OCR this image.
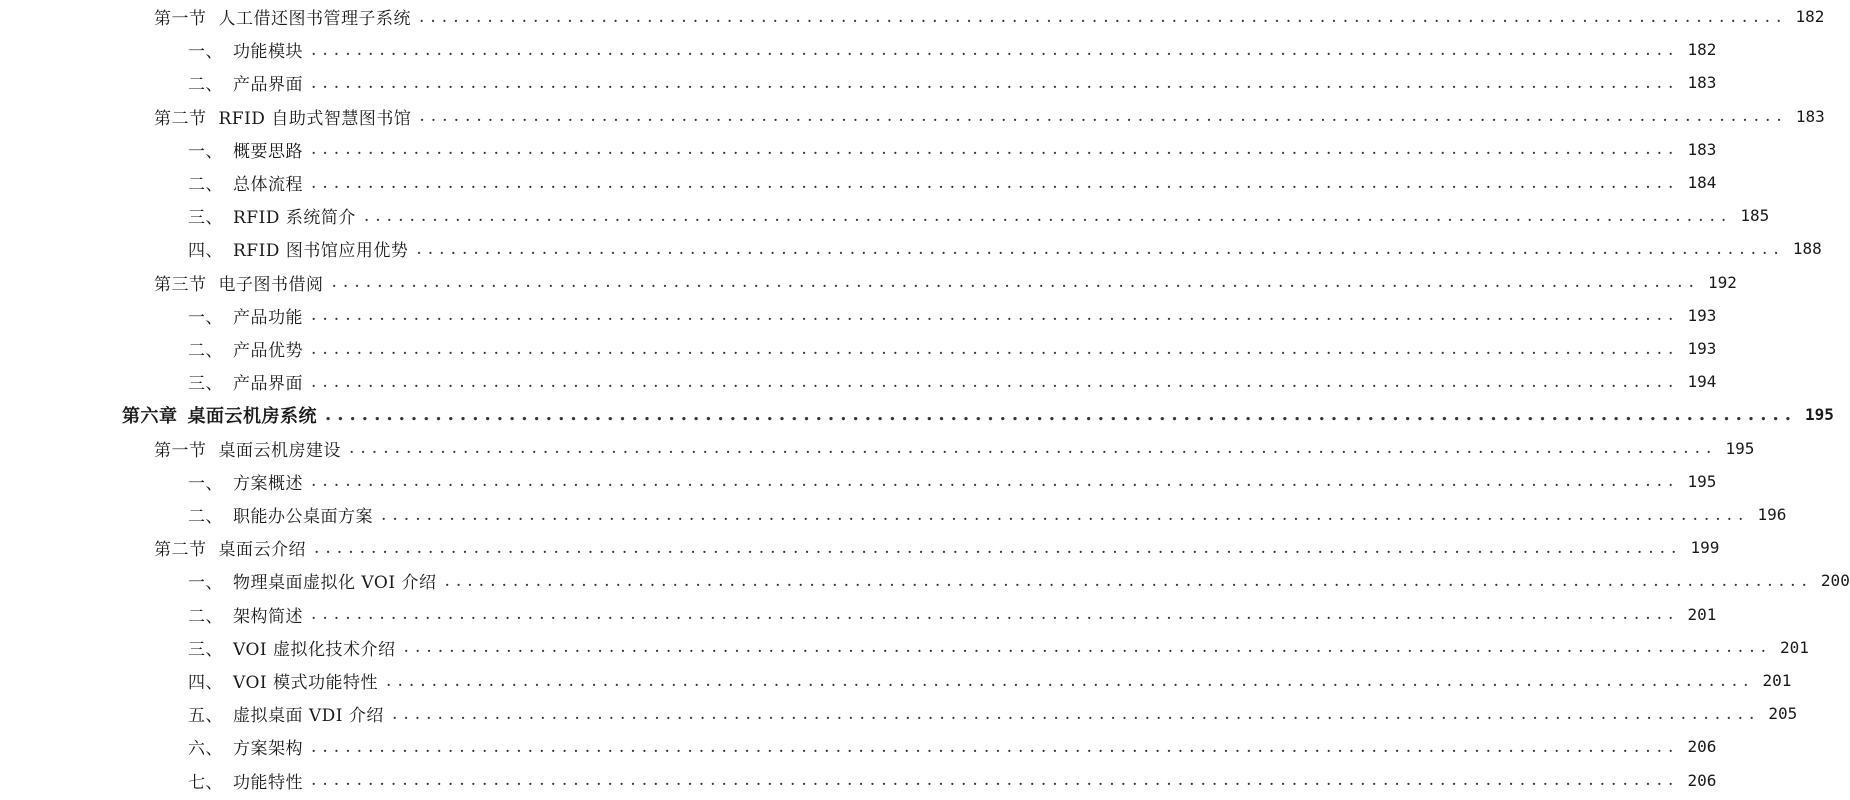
第一节 人工借还图书管理子系统 ........................................................................................................................ 182
一、 功能模块 ........................................................................................................................ 182
二、 产品界面 ........................................................................................................................ 183
第二节 RFID 自助式智慧图书馆 ........................................................................................................................ 183
一、 概要思路 ........................................................................................................................ 183
二、 总体流程 ........................................................................................................................ 184
三、 RFID 系统简介 ........................................................................................................................ 185
四、 RFID 图书馆应用优势 ........................................................................................................................ 188
第三节 电子图书借阅 ........................................................................................................................ 192
一、 产品功能 ........................................................................................................................ 193
二、 产品优势 ........................................................................................................................ 193
三、 产品界面 ........................................................................................................................ 194
第六章 桌面云机房系统 ........................................................................................................................ 195
第一节 桌面云机房建设 ........................................................................................................................ 195
一、 方案概述 ........................................................................................................................ 195
二、 职能办公桌面方案 ........................................................................................................................ 196
第二节 桌面云介绍 ........................................................................................................................ 199
一、 物理桌面虚拟化 VOI 介绍 ........................................................................................................................ 200
二、 架构简述 ........................................................................................................................ 201
三、 VOI 虚拟化技术介绍 ........................................................................................................................ 201
四、 VOI 模式功能特性 ........................................................................................................................ 201
五、 虚拟桌面 VDI 介绍 ........................................................................................................................ 205
六、 方案架构 ........................................................................................................................ 206
七、 功能特性 ........................................................................................................................ 206
